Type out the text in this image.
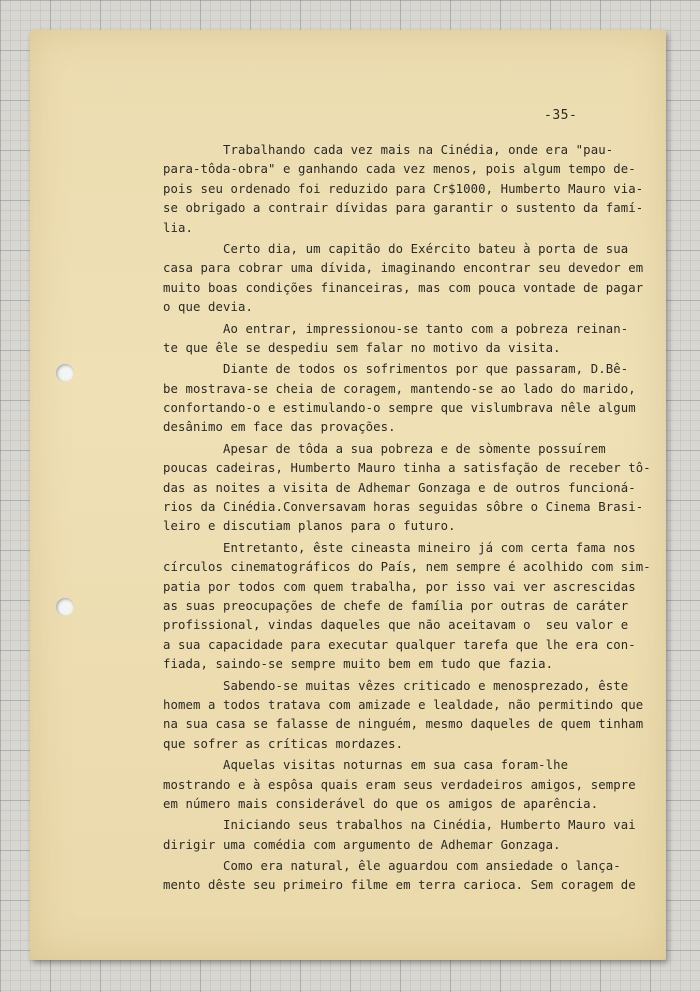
-35-
Trabalhando cada vez mais na Cinédia, onde era "pau-
para-tôda-obra" e ganhando cada vez menos, pois algum tempo de-
pois seu ordenado foi reduzido para Cr$1000, Humberto Mauro via-
se obrigado a contrair dívidas para garantir o sustento da famí-
lia.
Certo dia, um capitão do Exército bateu à porta de sua
casa para cobrar uma dívida, imaginando encontrar seu devedor em
muito boas condições financeiras, mas com pouca vontade de pagar
o que devia.
Ao entrar, impressionou-se tanto com a pobreza reinan-
te que êle se despediu sem falar no motivo da visita.
Diante de todos os sofrimentos por que passaram, D.Bê-
be mostrava-se cheia de coragem, mantendo-se ao lado do marido,
confortando-o e estimulando-o sempre que vislumbrava nêle algum
desânimo em face das provações.
Apesar de tôda a sua pobreza e de sòmente possuírem
poucas cadeiras, Humberto Mauro tinha a satisfação de receber tô-
das as noites a visita de Adhemar Gonzaga e de outros funcioná-
rios da Cinédia.Conversavam horas seguidas sôbre o Cinema Brasi-
leiro e discutiam planos para o futuro.
Entretanto, êste cineasta mineiro já com certa fama nos
círculos cinematográficos do País, nem sempre é acolhido com sim-
patia por todos com quem trabalha, por isso vai ver ascrescidas
as suas preocupações de chefe de família por outras de caráter
profissional, vindas daqueles que não aceitavam o  seu valor e
a sua capacidade para executar qualquer tarefa que lhe era con-
fiada, saindo-se sempre muito bem em tudo que fazia.
Sabendo-se muitas vêzes criticado e menosprezado, êste
homem a todos tratava com amizade e lealdade, não permitindo que
na sua casa se falasse de ninguém, mesmo daqueles de quem tinham
que sofrer as críticas mordazes.
Aquelas visitas noturnas em sua casa foram-lhe
mostrando e à espôsa quais eram seus verdadeiros amigos, sempre
em número mais considerável do que os amigos de aparência.
Iniciando seus trabalhos na Cinédia, Humberto Mauro vai
dirigir uma comédia com argumento de Adhemar Gonzaga.
Como era natural, êle aguardou com ansiedade o lança-
mento dêste seu primeiro filme em terra carioca. Sem coragem de
